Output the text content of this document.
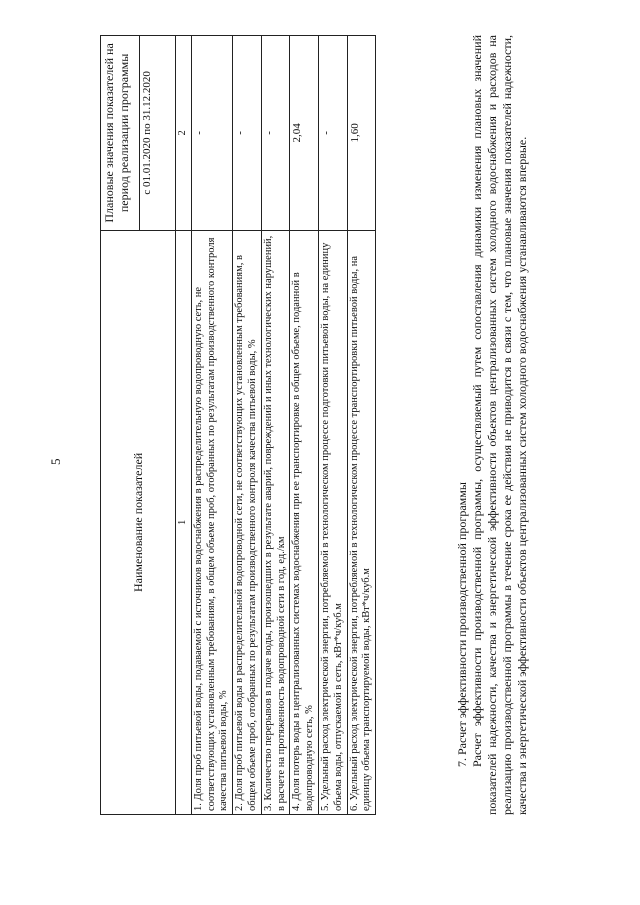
5	Наименование показателей	Плановые значения показателей на период реализации программы
	с 01.01.2020 по 31.12.2020
1	2
1. Доля проб питьевой воды, подаваемой с источников водоснабжения в распределительную водопроводную сеть, не соответствующих установленным требованиям, в общем объеме проб, отобранных по результатам производственного контроля качества питьевой воды, %	-
2. Доля проб питьевой воды в распределительной водопроводной сети, не соответствующих установленным требованиям, в общем объеме проб, отобранных по результатам производственного контроля качества питьевой воды, %	-
3. Количество перерывов в подаче воды, произошедших в результате аварий, повреждений и иных технологических нарушений, в расчете на протяженность водопроводной сети в год, ед./км	-
4. Доля потерь воды в централизованных системах водоснабжения при ее транспортировке в общем объеме, поданной в водопроводную сеть, %	2,04
5. Удельный расход электрической энергии, потребляемой в технологическом процессе подготовки питьевой воды, на единицу объема воды, отпускаемой в сеть, кВт*ч/куб.м	-
6. Удельный расход электрической энергии, потребляемой в технологическом процессе транспортировки питьевой воды, на единицу объема транспортируемой воды, кВт*ч/куб.м	1,60

7. Расчет эффективности производственной программы Расчет эффективности производственной программы, осуществляемый путем сопоставления динамики изменения плановых значений показателей надежности, качества и энергетической эффективности объектов централизованных систем холодного водоснабжения и расходов на реализацию производственной программы в течение срока ее действия не приводится в связи с тем, что плановые значения показателей надежности, качества и энергетической эффективности объектов централизованных систем холодного водоснабжения устанавливаются впервые.
